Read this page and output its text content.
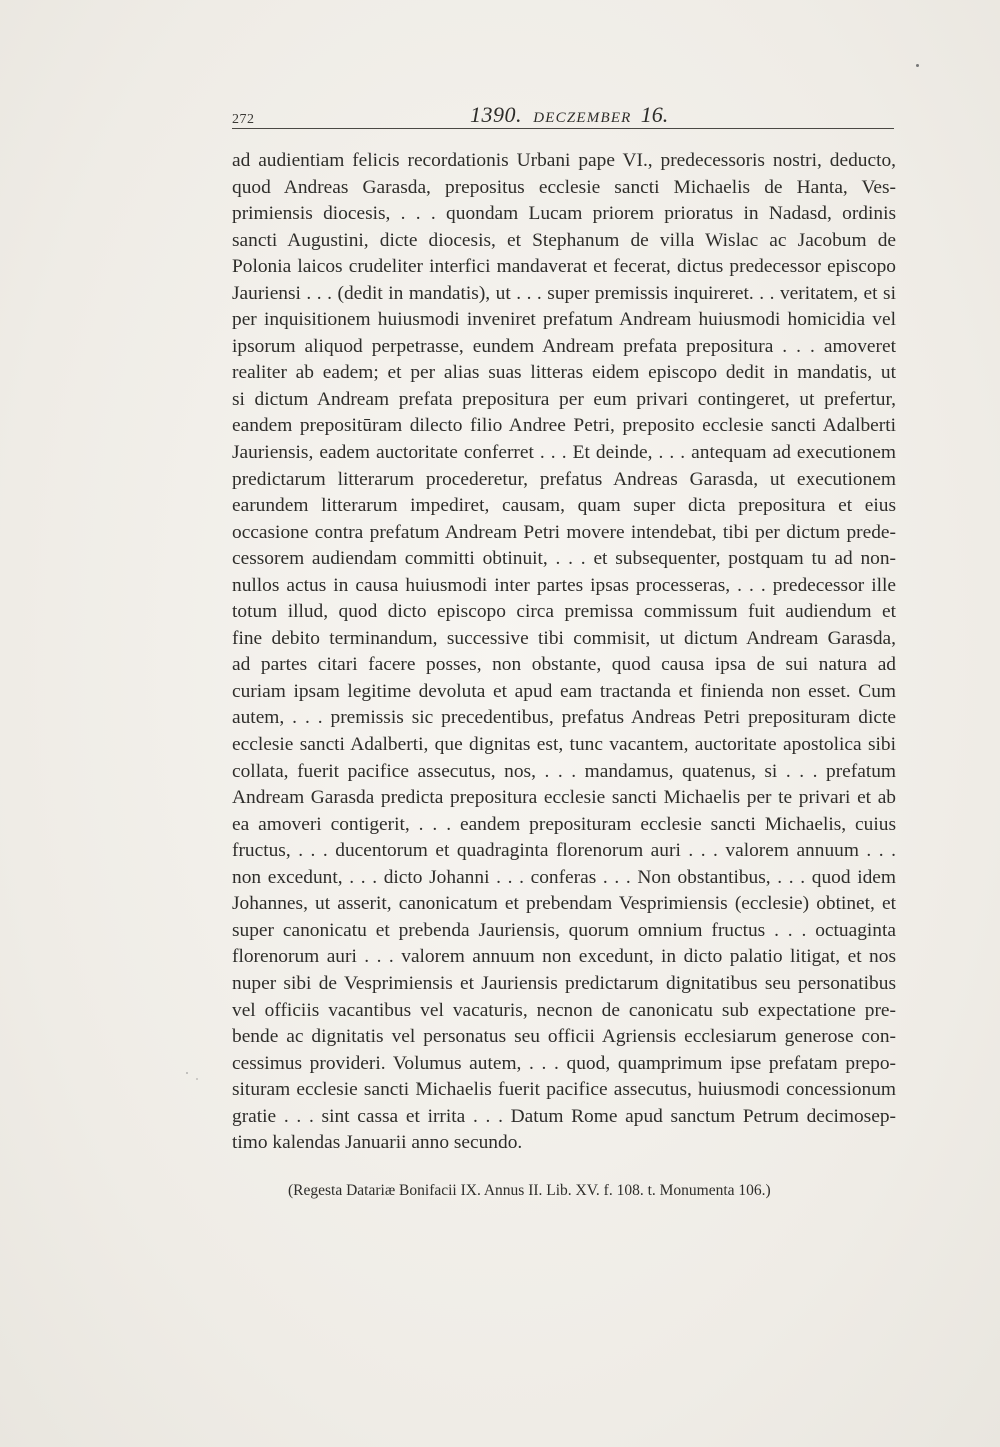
272	1390. DECZEMBER 16.
ad audientiam felicis recordationis Urbani pape VI., predecessoris nostri, deducto,
quod Andreas Garasda, prepositus ecclesie sancti Michaelis de Hanta, Ves-
primiensis diocesis, . . . quondam Lucam priorem prioratus in Nadasd, ordinis
sancti Augustini, dicte diocesis, et Stephanum de villa Wislac ac Jacobum de
Polonia laicos crudeliter interfici mandaverat et fecerat, dictus predecessor episcopo
Jauriensi . . . (dedit in mandatis), ut . . . super premissis inquireret. . . veritatem, et si
per inquisitionem huiusmodi inveniret prefatum Andream huiusmodi homicidia vel
ipsorum aliquod perpetrasse, eundem Andream prefata prepositura . . . amoveret
realiter ab eadem; et per alias suas litteras eidem episcopo dedit in mandatis, ut
si dictum Andream prefata prepositura per eum privari contingeret, ut prefertur,
eandem prepositūram dilecto filio Andree Petri, preposito ecclesie sancti Adalberti
Jauriensis, eadem auctoritate conferret . . . Et deinde, . . . antequam ad executionem
predictarum litterarum procederetur, prefatus Andreas Garasda, ut executionem
earundem litterarum impediret, causam, quam super dicta prepositura et eius
occasione contra prefatum Andream Petri movere intendebat, tibi per dictum prede-
cessorem audiendam committi obtinuit, . . . et subsequenter, postquam tu ad non-
nullos actus in causa huiusmodi inter partes ipsas processeras, . . . predecessor ille
totum illud, quod dicto episcopo circa premissa commissum fuit audiendum et
fine debito terminandum, successive tibi commisit, ut dictum Andream Garasda,
ad partes citari facere posses, non obstante, quod causa ipsa de sui natura ad
curiam ipsam legitime devoluta et apud eam tractanda et finienda non esset. Cum
autem, . . . premissis sic precedentibus, prefatus Andreas Petri preposituram dicte
ecclesie sancti Adalberti, que dignitas est, tunc vacantem, auctoritate apostolica sibi
collata, fuerit pacifice assecutus, nos, . . . mandamus, quatenus, si . . . prefatum
Andream Garasda predicta prepositura ecclesie sancti Michaelis per te privari et ab
ea amoveri contigerit, . . . eandem preposituram ecclesie sancti Michaelis, cuius
fructus, . . . ducentorum et quadraginta florenorum auri . . . valorem annuum . . .
non excedunt, . . . dicto Johanni . . . conferas . . . Non obstantibus, . . . quod idem
Johannes, ut asserit, canonicatum et prebendam Vesprimiensis (ecclesie) obtinet, et
super canonicatu et prebenda Jauriensis, quorum omnium fructus . . . octuaginta
florenorum auri . . . valorem annuum non excedunt, in dicto palatio litigat, et nos
nuper sibi de Vesprimiensis et Jauriensis predictarum dignitatibus seu personatibus
vel officiis vacantibus vel vacaturis, necnon de canonicatu sub expectatione pre-
bende ac dignitatis vel personatus seu officii Agriensis ecclesiarum generose con-
cessimus provideri. Volumus autem, . . . quod, quamprimum ipse prefatam prepo-
situram ecclesie sancti Michaelis fuerit pacifice assecutus, huiusmodi concessionum
gratie . . . sint cassa et irrita . . . Datum Rome apud sanctum Petrum decimosep-
timo kalendas Januarii anno secundo.
(Regesta Datariæ Bonifacii IX. Annus II. Lib. XV. f. 108. t. Monumenta 106.)
